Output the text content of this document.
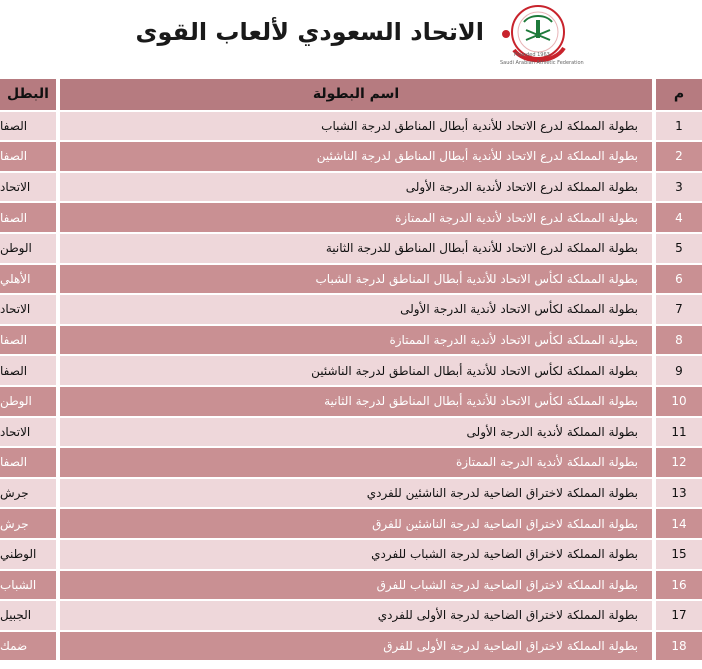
الاتحاد السعودي لألعاب القوى
Founded 1963
Saudi Arabian Athletic Federation
البطل	اسم البطولة	م
الصفا	بطولة المملكة لدرع الاتحاد للأندية أبطال المناطق لدرجة الشباب	1
الصفا	بطولة المملكة لدرع الاتحاد للأندية أبطال المناطق لدرجة الناشئين	2
الاتحاد	بطولة المملكة لدرع الاتحاد لأندية الدرجة الأولى	3
الصفا	بطولة المملكة لدرع الاتحاد لأندية الدرجة الممتازة	4
الوطن	بطولة المملكة لدرع الاتحاد للأندية أبطال المناطق للدرجة الثانية	5
الأهلي	بطولة المملكة لكأس الاتحاد للأندية أبطال المناطق لدرجة الشباب	6
الاتحاد	بطولة المملكة لكأس الاتحاد لأندية الدرجة الأولى	7
الصفا	بطولة المملكة لكأس الاتحاد لأندية الدرجة الممتازة	8
الصفا	بطولة المملكة لكأس الاتحاد للأندية أبطال المناطق لدرجة الناشئين	9
الوطن	بطولة المملكة لكأس الاتحاد للأندية أبطال المناطق لدرجة الثانية	10
الاتحاد	بطولة المملكة لأندية الدرجة الأولى	11
الصفا	بطولة المملكة لأندية الدرجة الممتازة	12
جرش	بطولة المملكة لاختراق الضاحية لدرجة الناشئين للفردي	13
جرش	بطولة المملكة لاختراق الضاحية لدرجة الناشئين للفرق	14
الوطني	بطولة المملكة لاختراق الضاحية لدرجة الشباب للفردي	15
الشباب	بطولة المملكة لاختراق الضاحية لدرجة الشباب للفرق	16
الجبيل	بطولة المملكة لاختراق الضاحية لدرجة الأولى للفردي	17
ضمك	بطولة المملكة لاختراق الضاحية لدرجة الأولى للفرق	18
